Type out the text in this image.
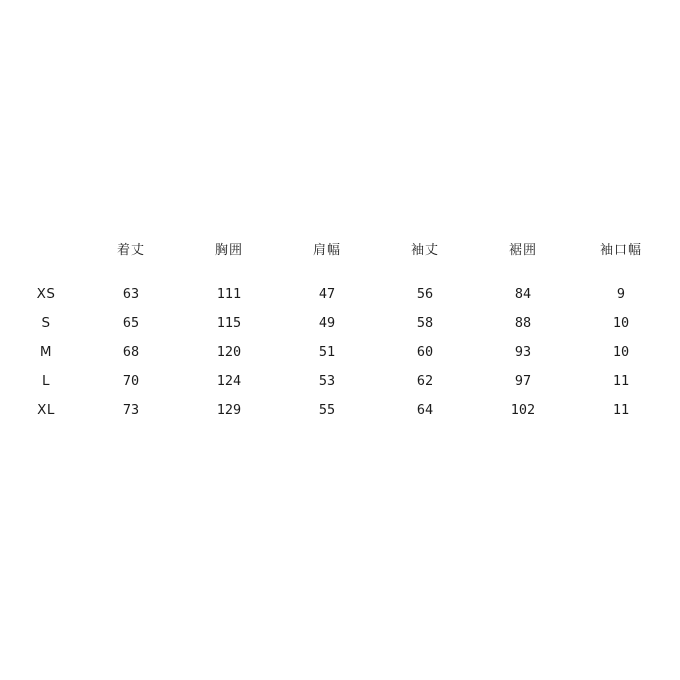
	着丈	胸囲	肩幅	袖丈	裾囲	袖口幅
XS	63	111	47	56	84	9
S	65	115	49	58	88	10
M	68	120	51	60	93	10
L	70	124	53	62	97	11
XL	73	129	55	64	102	11
